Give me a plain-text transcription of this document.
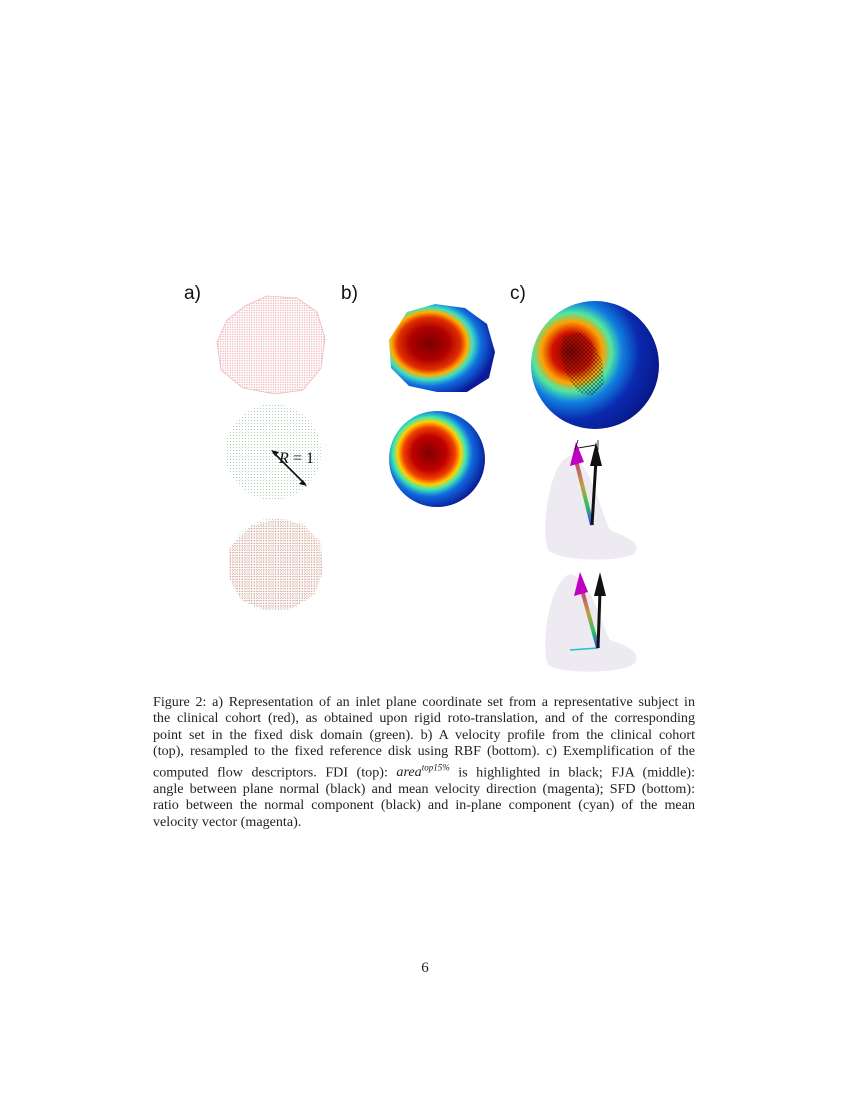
a)	b)	c)
R = 1
Figure 2: a) Representation of an inlet plane coordinate set from a representative subject in
the clinical cohort (red), as obtained upon rigid roto-translation, and of the corresponding
point set in the fixed disk domain (green). b) A velocity profile from the clinical cohort
(top), resampled to the fixed reference disk using RBF (bottom). c) Exemplification of the
computed flow descriptors. FDI (top): area$^{top15\%}$ is highlighted in black; FJA (middle):
angle between plane normal (black) and mean velocity direction (magenta); SFD (bottom):
ratio between the normal component (black) and in-plane component (cyan) of the mean
velocity vector (magenta).
6
